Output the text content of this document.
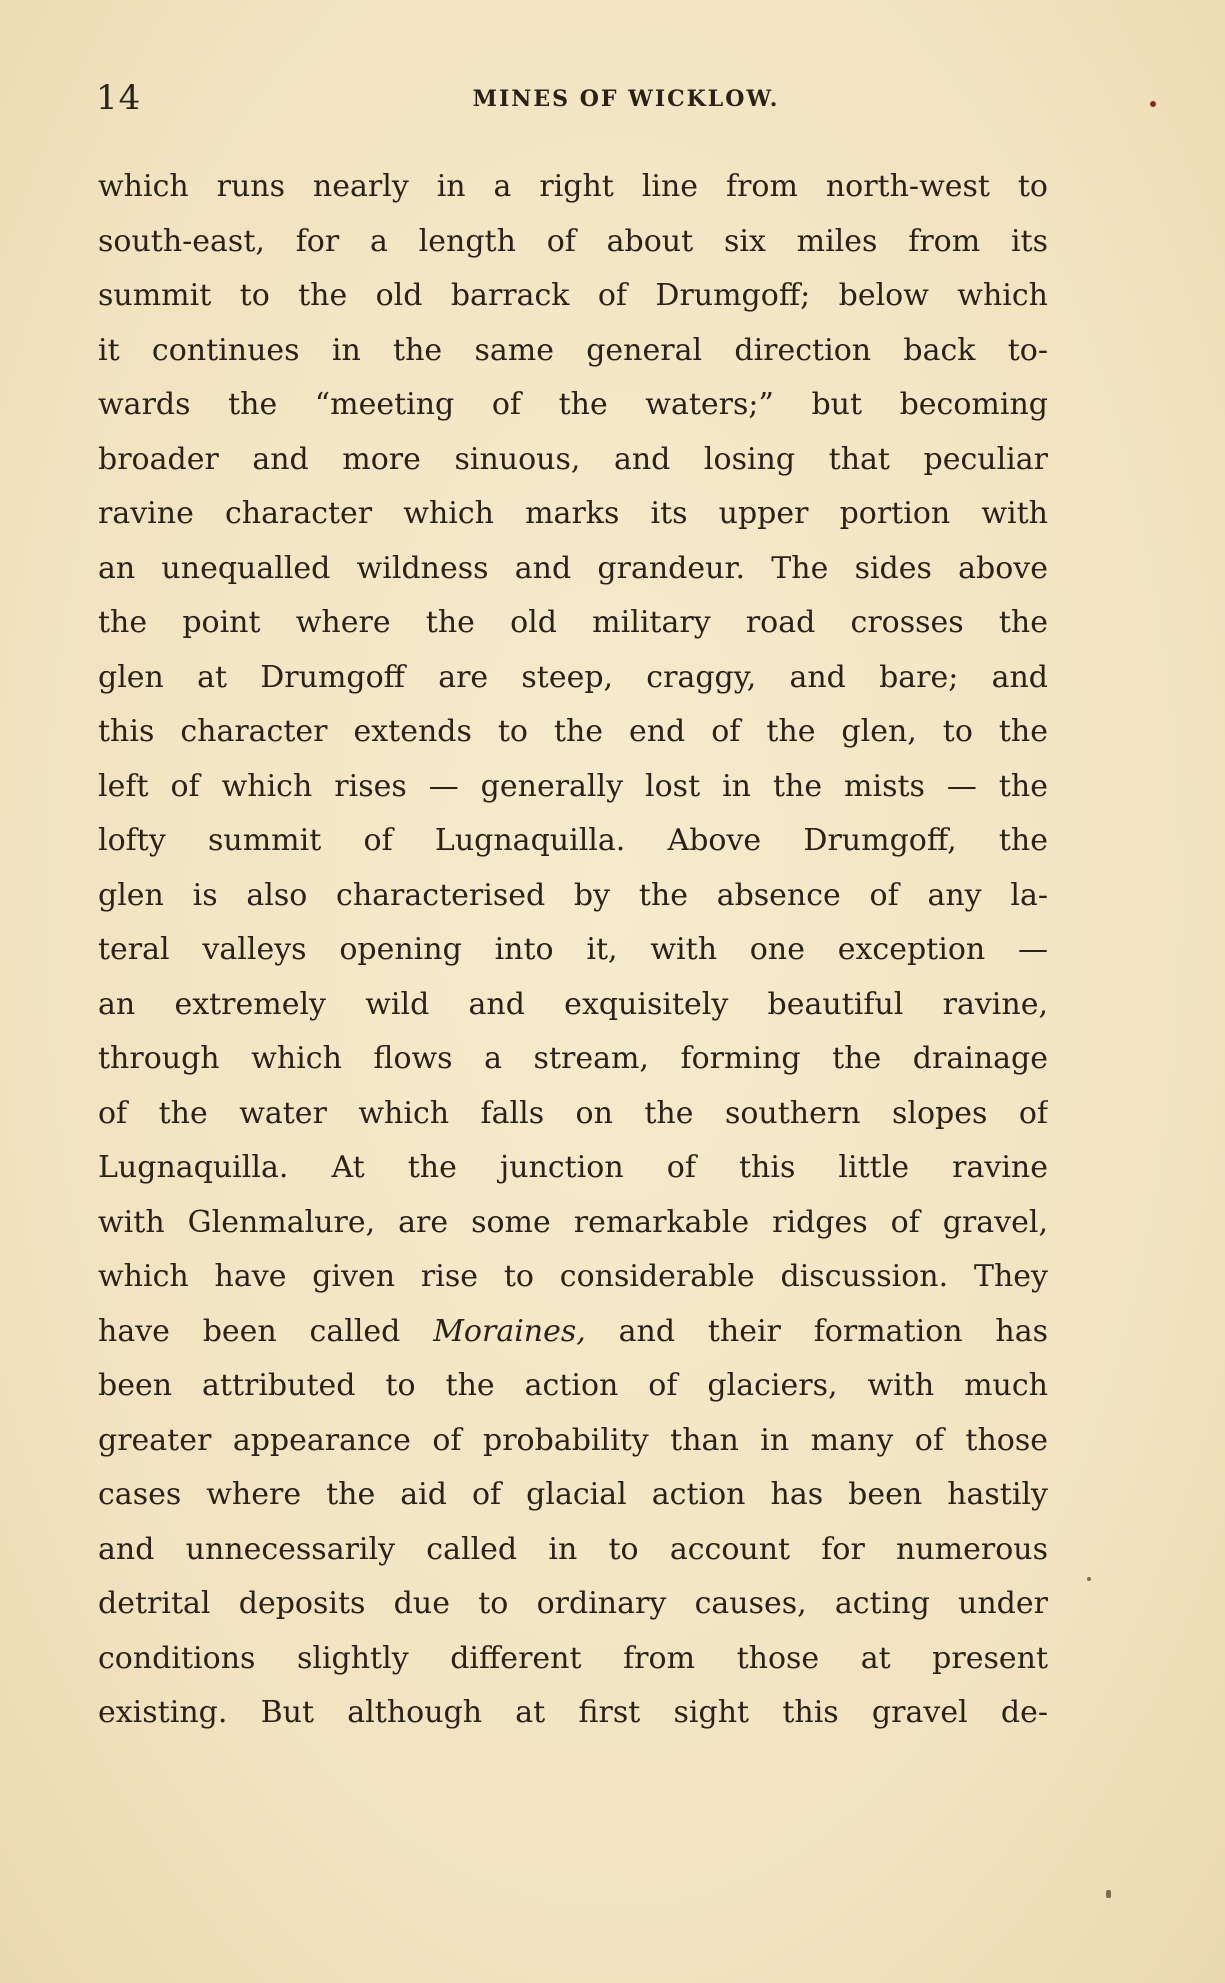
14	MINES OF WICKLOW.
which runs nearly in a right line from north-west to
south-east, for a length of about six miles from its
summit to the old barrack of Drumgoff; below which
it continues in the same general direction back to-
wards the “meeting of the waters;” but becoming
broader and more sinuous, and losing that peculiar
ravine character which marks its upper portion with
an unequalled wildness and grandeur. The sides above
the point where the old military road crosses the
glen at Drumgoff are steep, craggy, and bare; and
this character extends to the end of the glen, to the
left of which rises — generally lost in the mists — the
lofty summit of Lugnaquilla. Above Drumgoff, the
glen is also characterised by the absence of any la-
teral valleys opening into it, with one exception —
an extremely wild and exquisitely beautiful ravine,
through which flows a stream, forming the drainage
of the water which falls on the southern slopes of
Lugnaquilla. At the junction of this little ravine
with Glenmalure, are some remarkable ridges of gravel,
which have given rise to considerable discussion. They
have been called Moraines, and their formation has
been attributed to the action of glaciers, with much
greater appearance of probability than in many of those
cases where the aid of glacial action has been hastily
and unnecessarily called in to account for numerous
detrital deposits due to ordinary causes, acting under
conditions slightly different from those at present
existing. But although at first sight this gravel de-
